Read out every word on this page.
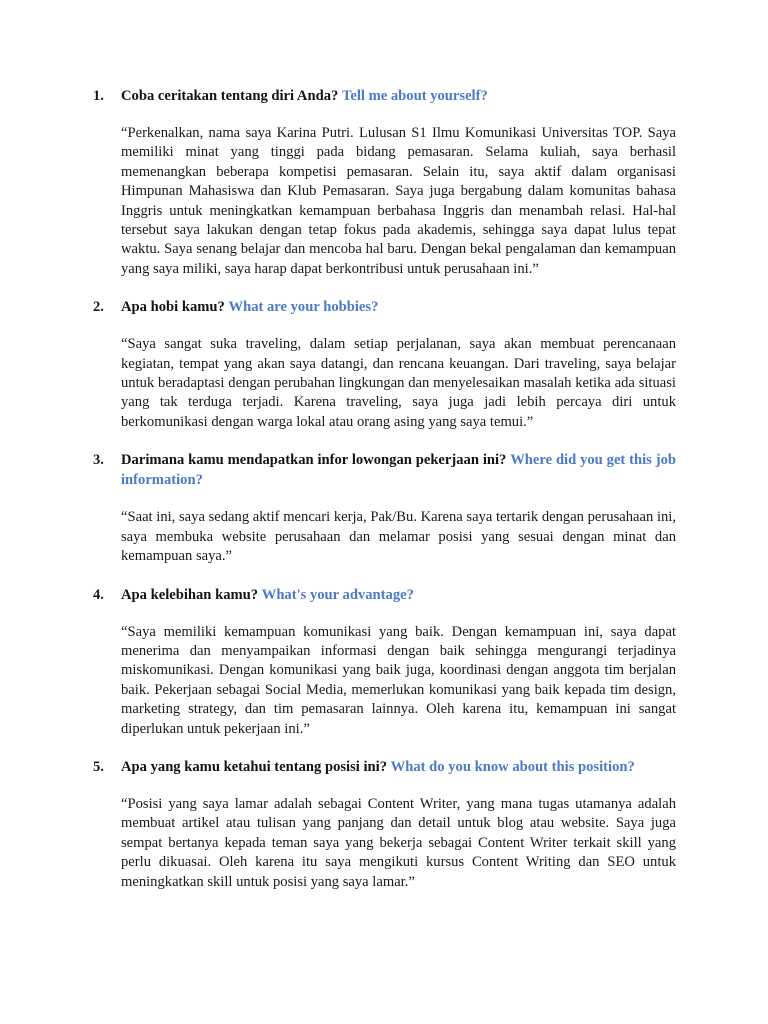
1.	Coba ceritakan tentang diri Anda? Tell me about yourself?

“Perkenalkan, nama saya Karina Putri. Lulusan S1 Ilmu Komunikasi Universitas TOP. Saya memiliki minat yang tinggi pada bidang pemasaran. Selama kuliah, saya berhasil memenangkan beberapa kompetisi pemasaran. Selain itu, saya aktif dalam organisasi Himpunan Mahasiswa dan Klub Pemasaran. Saya juga bergabung dalam komunitas bahasa Inggris untuk meningkatkan kemampuan berbahasa Inggris dan menambah relasi. Hal-hal tersebut saya lakukan dengan tetap fokus pada akademis, sehingga saya dapat lulus tepat waktu. Saya senang belajar dan mencoba hal baru. Dengan bekal pengalaman dan kemampuan yang saya miliki, saya harap dapat berkontribusi untuk perusahaan ini.”

2.	Apa hobi kamu? What are your hobbies?

“Saya sangat suka traveling, dalam setiap perjalanan, saya akan membuat perencanaan kegiatan, tempat yang akan saya datangi, dan rencana keuangan. Dari traveling, saya belajar untuk beradaptasi dengan perubahan lingkungan dan menyelesaikan masalah ketika ada situasi yang tak terduga terjadi. Karena traveling, saya juga jadi lebih percaya diri untuk berkomunikasi dengan warga lokal atau orang asing yang saya temui.”

3.	Darimana kamu mendapatkan infor lowongan pekerjaan ini? Where did you get this job information?

“Saat ini, saya sedang aktif mencari kerja, Pak/Bu. Karena saya tertarik dengan perusahaan ini, saya membuka website perusahaan dan melamar posisi yang sesuai dengan minat dan kemampuan saya.”

4.	Apa kelebihan kamu? What's your advantage?

“Saya memiliki kemampuan komunikasi yang baik. Dengan kemampuan ini, saya dapat menerima dan menyampaikan informasi dengan baik sehingga mengurangi terjadinya miskomunikasi. Dengan komunikasi yang baik juga, koordinasi dengan anggota tim berjalan baik. Pekerjaan sebagai Social Media, memerlukan komunikasi yang baik kepada tim design, marketing strategy, dan tim pemasaran lainnya. Oleh karena itu, kemampuan ini sangat diperlukan untuk pekerjaan ini.”

5.	Apa yang kamu ketahui tentang posisi ini? What do you know about this position?

“Posisi yang saya lamar adalah sebagai Content Writer, yang mana tugas utamanya adalah membuat artikel atau tulisan yang panjang dan detail untuk blog atau website. Saya juga sempat bertanya kepada teman saya yang bekerja sebagai Content Writer terkait skill yang perlu dikuasai. Oleh karena itu saya mengikuti kursus Content Writing dan SEO untuk meningkatkan skill untuk posisi yang saya lamar.”
